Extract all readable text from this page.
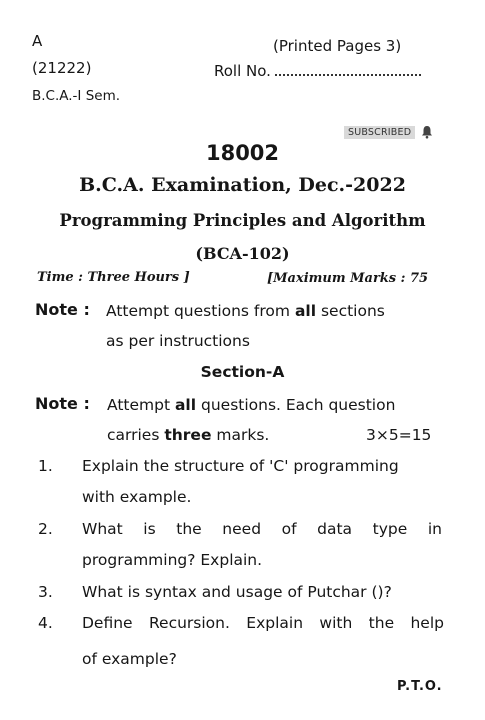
A	(Printed Pages 3)
(21222)	Roll No.
B.C.A.-I Sem.
SUBSCRIBED
18002
B.C.A. Examination, Dec.-2022
Programming Principles and Algorithm
(BCA-102)
Time : Three Hours ]	[Maximum Marks : 75
Note : Attempt questions from all sections
as per instructions
Section-A
Note : Attempt all questions. Each question
carries three marks.	3×5=15
1. Explain the structure of 'C' programming
with example.
2. What is the need of data type in
programming? Explain.
3. What is syntax and usage of Putchar ()?
4. Define Recursion. Explain with the help
of example?
P.T.O.
